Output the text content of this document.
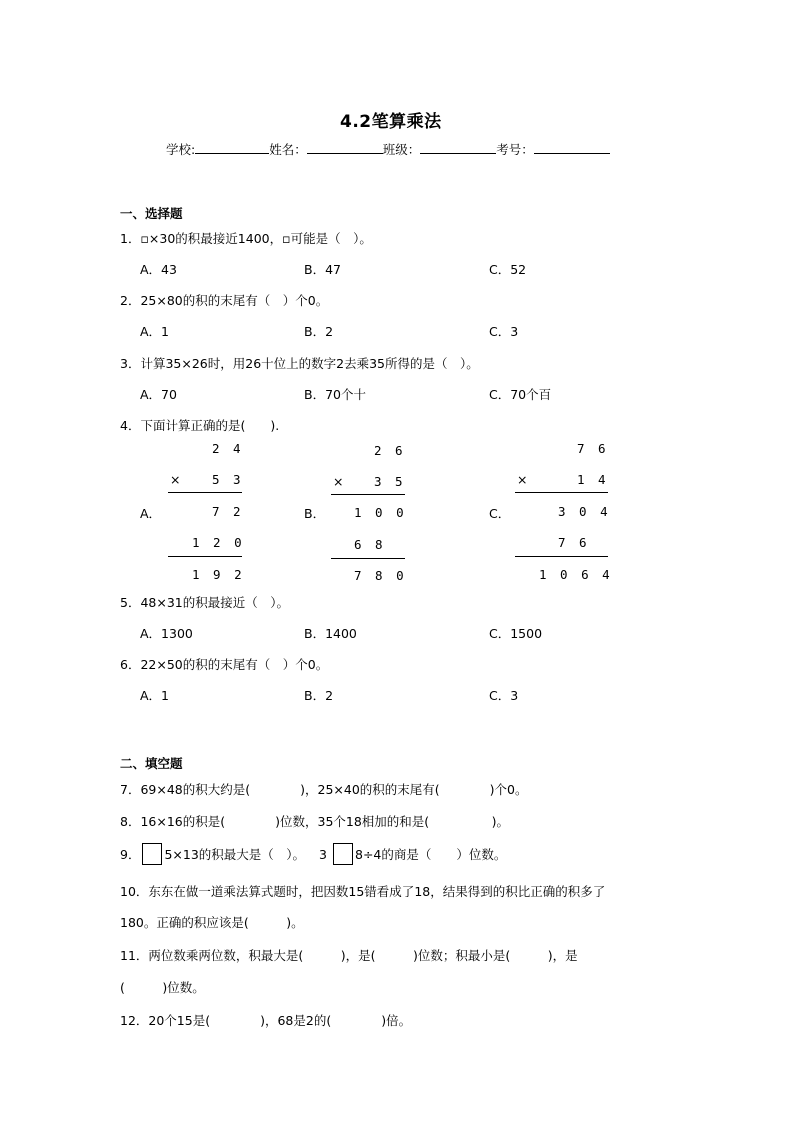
4.2笔算乘法
学校:	姓名：	班级：	考号：
一、选择题
1．▫×30的积最接近1400，▫可能是（　）。
A．43	B．47	C．52
2．25×80的积的末尾有（　）个0。
A．1	B．2	C．3
3．计算35×26时，用26十位上的数字2去乘35所得的是（　）。
A．70	B．70个十	C．70个百
4．下面计算正确的是(　　).
A．
2 4
×	5 3
7 2
1 2 0
1 9 2
B．
2 6
× 3 5
1 0 0
6 8
7 8 0
C．
7 6
×	1 4
3 0 4
7 6
1 0 6 4
5．48×31的积最接近（　）。
A．1300	B．1400	C．1500
6．22×50的积的末尾有（　）个0。
A．1	B．2	C．3
二、填空题
7．69×48的积大约是(　　　　)，25×40的积的末尾有(　　　　)个0。
8．16×16的积是(　　　　)位数，35个18相加的和是(　　　　　)。
9． 5×13的积最大是（　）。 3 8÷4的商是（　　）位数。
10．东东在做一道乘法算式题时，把因数15错看成了18，结果得到的积比正确的积多了
180。正确的积应该是(　　　)。
11．两位数乘两位数，积最大是(　　　)，是(　　　)位数；积最小是(　　　)，是
(　　　)位数。
12．20个15是(　　　　)，68是2的(　　　　)倍。
